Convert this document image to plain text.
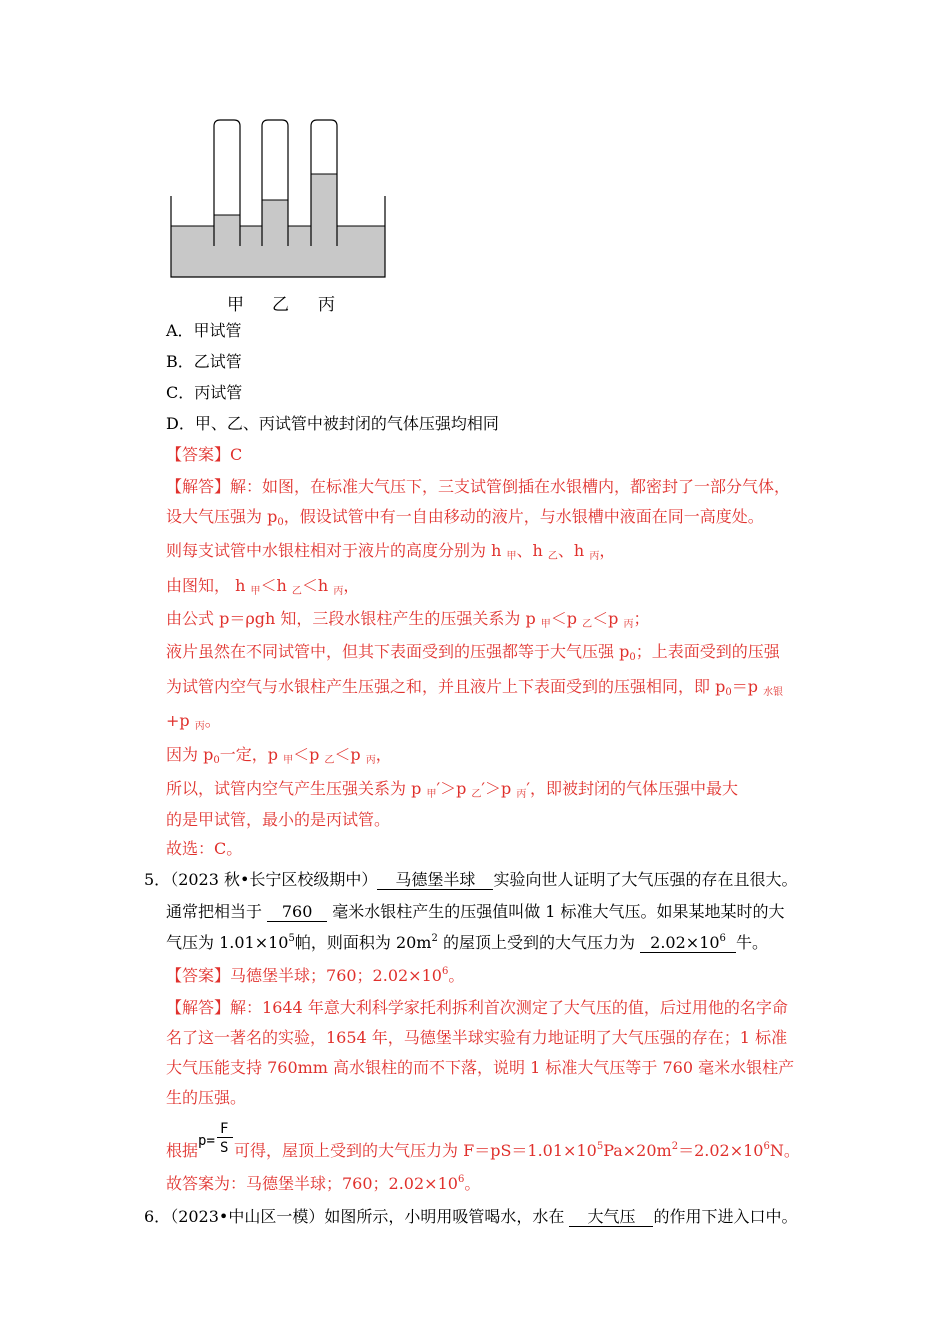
甲 乙 丙
A．甲试管
B．乙试管
C．丙试管
D．甲、乙、丙试管中被封闭的气体压强均相同
【答案】C
【解答】解：如图，在标准大气压下，三支试管倒插在水银槽内，都密封了一部分气体，
设大气压强为 $p_0$，假设试管中有一自由移动的液片，与水银槽中液面在同一高度处。
则每支试管中水银柱相对于液片的高度分别为 h $_甲$、h $_乙$、h $_丙$，
由图知， h $_甲$＜h $_乙$＜h $_丙$，
由公式 p＝ρgh 知，三段水银柱产生的压强关系为 p $_甲$＜p $_乙$＜p $_丙$；
液片虽然在不同试管中，但其下表面受到的压强都等于大气压强 $p_0$；上表面受到的压强
为试管内空气与水银柱产生压强之和，并且液片上下表面受到的压强相同，即 $p_0=p$ $_{水银}$
+p $_丙$。
因为 $p_0$一定，p $_甲$＜p $_乙$＜p $_丙$，
所以，试管内空气产生压强关系为 p $_甲$′＞p $_乙$′＞p $_丙$′，即被封闭的气体压强中最大
的是甲试管，最小的是丙试管。
故选：C。
5．（2023 秋•长宁区校级期中） 马德堡半球 实验向世人证明了大气压强的存在且很大。
通常把相当于 760 毫米水银柱产生的压强值叫做 1 标准大气压。如果某地某时的大
气压为 $1.01\times 10^5$帕，则面积为 $20m^2$ 的屋顶上受到的大气压力为 $2.02\times 10^6$ 牛。
【答案】马德堡半球；760；$2.02\times 10^6$。
【解答】解：1644 年意大利科学家托利拆利首次测定了大气压的值，后过用他的名字命
名了这一著名的实验，1654 年，马德堡半球实验有力地证明了大气压强的存在；1 标准
大气压能支持 760mm 高水银柱的而不下落，说明 1 标准大气压等于 760 毫米水银柱产
生的压强。
根据 p=
F
S 可得，屋顶上受到的大气压力为 $F=pS=1.01\times 10^5Pa\times 20m^2=2.02\times 10^6N$。
故答案为：马德堡半球；760；$2.02\times 10^6$。
6．（2023•中山区一模）如图所示，小明用吸管喝水，水在 大气压 的作用下进入口中。
